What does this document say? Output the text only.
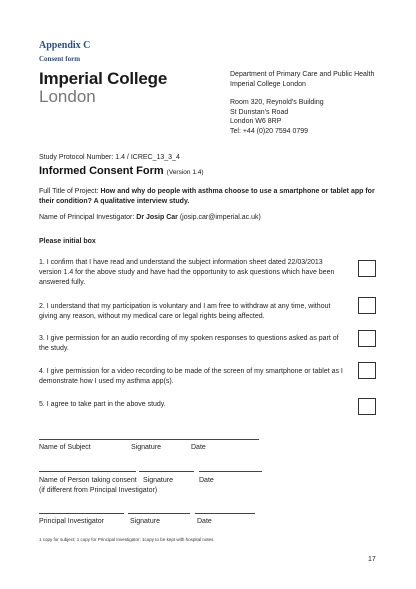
Appendix C
Consent form
Imperial College
London
Department of Primary Care and Public Health
Imperial College London
Room 320, Reynold’s Building
St Dunstan’s Road
London W6 8RP
Tel: +44 (0)20 7594 0799
Study Protocol Number: 1.4 / ICREC_13_3_4
Informed Consent Form (Version 1.4)
Full Title of Project: How and why do people with asthma choose to use a smartphone or tablet app for their condition? A qualitative interview study.
Name of Principal Investigator: Dr Josip Car (josip.car@imperial.ac.uk)
Please initial box
1. I confirm that I have read and understand the subject information sheet dated 22/03/2013 version 1.4 for the above study and have had the opportunity to ask questions which have been answered fully.
2. I understand that my participation is voluntary and I am free to withdraw at any time, without giving any reason, without my medical care or legal rights being affected.
3. I give permission for an audio recording of my spoken responses to questions asked as part of the study.
4. I give permission for a video recording to be made of the screen of my smartphone or tablet as I demonstrate how I used my asthma app(s).
5. I agree to take part in the above study.
Name of Subject	Signature	Date
Name of Person taking consent Signature	Date
(if different from Principal Investigator)
Principal Investigator	Signature	Date
1 copy for subject; 1 copy for Principal Investigator; 1copy to be kept with hospital notes
17
